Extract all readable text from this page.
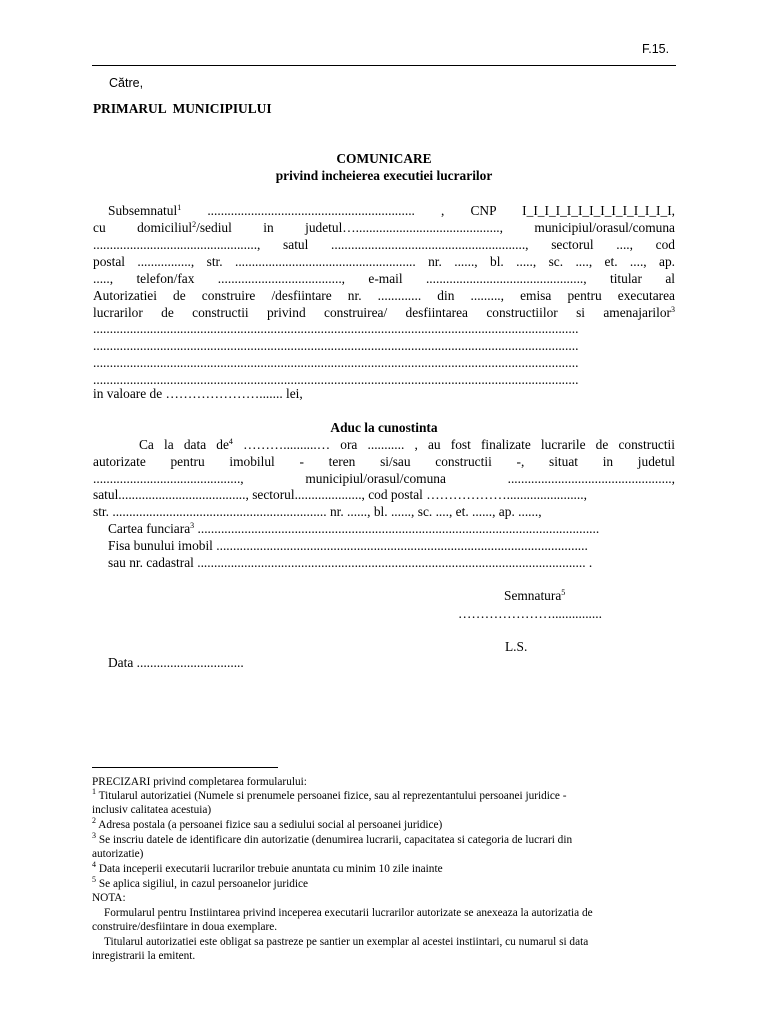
F.15.
Către,
PRIMARUL  MUNICIPIULUI
COMUNICARE
privind incheierea executiei lucrarilor
Subsemnatul$^1$ .............................................................. , CNP I_I_I_I_I_I_I_I_I_I_I_I_I_I,
cu domiciliul$^2$/sediul in judetul…..........................................., municipiul/orasul/comuna
................................................., satul .........................................................., sectorul ...., cod
postal ................, str. ...................................................... nr. ......, bl. ....., sc. ...., et. ...., ap.
....., telefon/fax ....................................., e-mail ..............................................., titular al
Autorizatiei de construire /desfiintare nr. ............. din ........., emisa pentru executarea
lucrarilor de constructii privind construirea/ desfiintarea constructiilor si amenajarilor$^3$
.................................................................................................................................................
.................................................................................................................................................
.................................................................................................................................................
.................................................................................................................................................
in valoare de …………………....... lei,
Aduc la cunostinta
Ca la data $de^4$ ………..........… ora ........... , au fost finalizate lucrarile de constructii
autorizate pentru imobilul - teren si/sau constructii -, situat in judetul
............................................, municipiul/orasul/comuna .................................................,
satul......................................, sectorul...................., cod postal ……………….......................,
str. ................................................................ nr. ......, bl. ......, sc. ...., et. ......, ap. ......,
Cartea funciara$^3$ ........................................................................................................................
Fisa bunului imobil ...............................................................................................................
sau nr. cadastral .................................................................................................................... .
Semnatura$^5$
…………………...............
L.S.
Data ................................
PRECIZARI privind completarea formularului:
$^1$ Titularul autorizatiei (Numele si prenumele persoanei fizice, sau al reprezentantului persoanei juridice -
inclusiv calitatea acestuia)
$^2$ Adresa postala (a persoanei fizice sau a sediului social al persoanei juridice)
$^3$ Se inscriu datele de identificare din autorizatie (denumirea lucrarii, capacitatea si categoria de lucrari din
autorizatie)
$^4$ Data inceperii executarii lucrarilor trebuie anuntata cu minim 10 zile inainte
$^5$ Se aplica sigiliul, in cazul persoanelor juridice
NOTA:
Formularul pentru Instiintarea privind inceperea executarii lucrarilor autorizate se anexeaza la autorizatia de
construire/desfiintare in doua exemplare.
Titularul autorizatiei este obligat sa pastreze pe santier un exemplar al acestei instiintari, cu numarul si data
inregistrarii la emitent.
